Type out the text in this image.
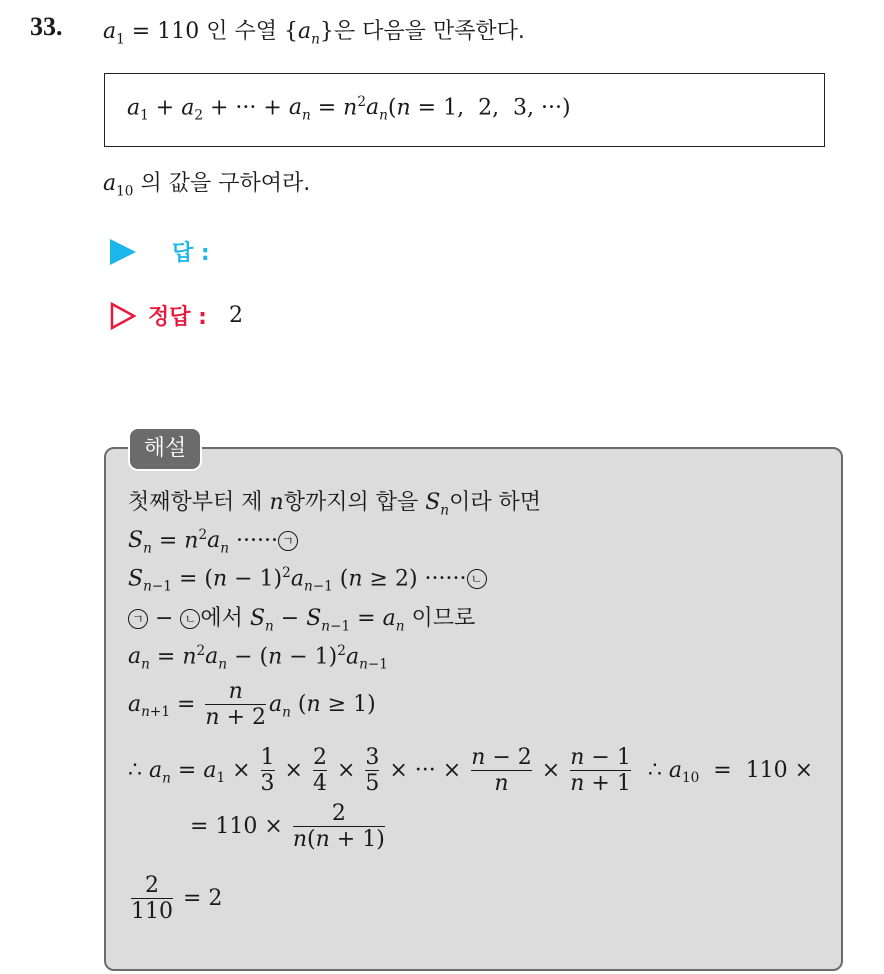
33. $a_1 = 110$ 인 수열 $\{a_n\}$은 다음을 만족한다.
$a_1 + a_2$ + ··· + $a_n = n^2a_n(n = 1$,  2,  3, ···)
$a_{10}$ 의 값을 구하여라.
답 :
정답 : 2
첫째항부터 제 n항까지의 합을 $S_n$이라 하면
$S_n = n^2a_n$ ······ ㄱ
$S_{n-1} = (n - 1)^2a_{n-1}$ (n ≥ 2) ······ ㄴ
ㄱ − ㄴ 에서 $S_n - S_{n-1} = a_n$ 이므로
$a_n = n^2a_n - (n - 1)^2a_{n-1}$
$a_{n+1} = \frac{n}{n + 2} a_n$ (n ≥ 1)
∴ $a_n = a_1 \times \frac{1}{3} \times \frac{2}{4} \times \frac{3}{5}$ × ··· × $\frac{n - 2}{n} \times \frac{n - 1}{n + 1}$ ∴ $a_{10} = 110$ ×
= $110 \times \frac{2}{n(n + 1)}$
$\frac{2}{110} = 2$
해설
